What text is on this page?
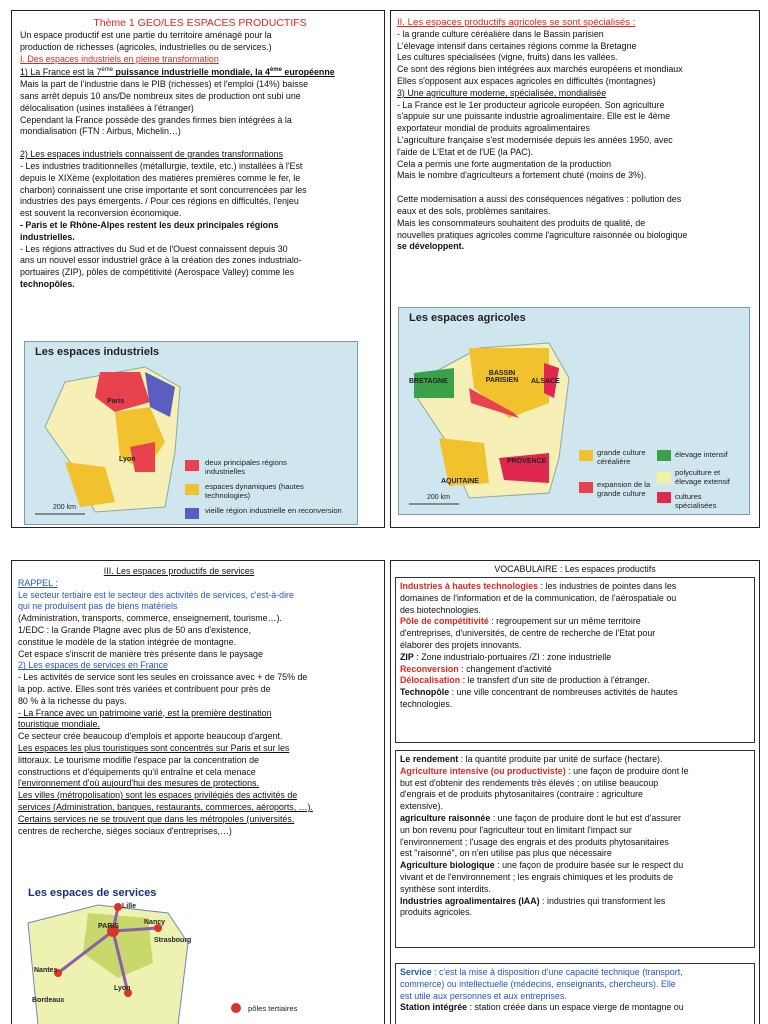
Thème 1 GEO/LES ESPACES PRODUCTIFS
Un espace productif est une partie du territoire aménagé pour la
production de richesses (agricoles, industrielles ou de services.)
I. Des espaces industriels en pleine transformation
1) La France est la 7ème puissance industrielle mondiale, la 4ème européenne
Mais la part de l'industrie dans le PIB (richesses) et l'emploi (14%) baisse
sans arrêt depuis 10 ans/De nombreux sites de production ont subi une
délocalisation (usines installées à l'étranger)
Cependant la France possède des grandes firmes bien intégrées à la
mondialisation (FTN : Airbus, Michelin…)
2) Les espaces industriels connaissent de grandes transformations
- Les industries traditionnelles (métallurgie, textile, etc.) installées à l'Est
depuis le XIXème (exploitation des matières premières comme le fer, le
charbon) connaissent une crise importante et sont concurrencées par les
industries des pays émergents. / Pour ces régions en difficultés, l'enjeu
est souvent la reconversion économique.
- Paris et le Rhône-Alpes restent les deux principales régions
industrielles.
- Les régions attractives du Sud et de l'Ouest connaissent depuis 30
ans un nouvel essor industriel grâce à la création des zones industrialo-
portuaires (ZIP), pôles de compétitivité (Aerospace Valley) comme les
technopôles.
Les espaces industriels
Paris
Lyon	deux principales régions industrielles
espaces dynamiques (hautes technologies)
vieille région industrielle en reconversion
200 km
II. Les espaces productifs agricoles se sont spécialisés :
- la grande culture céréalière dans le Bassin parisien
L'élevage intensif dans certaines régions comme la Bretagne
Les cultures spécialisées (vigne, fruits) dans les vallées.
Ce sont des régions bien intégrées aux marchés européens et mondiaux
Elles s'opposent aux espaces agricoles en difficultés (montagnes)
3) Une agriculture moderne, spécialisée, mondialisée
- La France est le 1er producteur agricole européen. Son agriculture
s'appuie sur une puissante industrie agroalimentaire. Elle est le 4ème
exportateur mondial de produits agroalimentaires
L'agriculture française s'est modernisée depuis les années 1950, avec
l'aide de L'Etat et de l'UE (la PAC).
Cela a permis une forte augmentation de la production
Mais le nombre d'agriculteurs a fortement chuté (moins de 3%).
Cette modernisation a aussi des conséquences négatives : pollution des
eaux et des sols, problèmes sanitaires.
Mais les consommateurs souhaitent des produits de qualité, de
nouvelles pratiques agricoles comme l'agriculture raisonnée ou biologique
se développent.
Les espaces agricoles
BRETAGNE
BASSIN PARISIEN	ALSACE
AQUITAINE
PROVENCE
grande culture céréalière
élevage intensif
expansion de la grande culture
polyculture et élevage extensif
cultures spécialisées
200 km
III. Les espaces productifs de services
RAPPEL :
Le secteur tertiaire est le secteur des activités de services, c'est-à-dire
qui ne produisent pas de biens matériels
(Administration, transports, commerce, enseignement, tourisme…).
1/EDC : la Grande Plagne avec plus de 50 ans d'existence,
constitue le modèle de la station intégrée de montagne.
Cet espace s'inscrit de manière très présente dans le paysage
2) Les espaces de services en France
- Les activités de service sont les seules en croissance avec + de 75% de
la pop. active. Elles sont très variées et contribuent pour près de
80 % à la richesse du pays.
- La France avec un patrimoine varié, est la première destination
touristique mondiale.
Ce secteur crée beaucoup d'emplois et apporte beaucoup d'argent.
Les espaces les plus touristiques sont concentrés sur Paris et sur les
littoraux. Le tourisme modifie l'espace par la concentration de
constructions et d'équipements qu'il entraîne et cela menace
l'environnement d'où aujourd'hui des mesures de protections.
Les villes (métropolisation) sont les espaces privilégiés des activités de
services (Administration, banques, restaurants, commerces, aéroports, …).
Certains services ne se trouvent que dans les métropoles (universités,
centres de recherche, sièges sociaux d'entreprises,…)
Les espaces de services
Lille
Nancy
PARIS
Strasbourg
Nantes
Lyon
Bordeaux
pôles tertiaires
VOCABULAIRE : Les espaces productifs
Industries à hautes technologies : les industries de pointes dans les
domaines de l'information et de la communication, de l'aérospatiale ou
des biotechnologies.
Pôle de compétitivité : regroupement sur un même territoire
d'entreprises, d'universités, de centre de recherche de l'Etat pour
élaborer des projets innovants.
ZIP : Zone industrialo-portuaires /ZI : zone industrielle
Reconversion : changement d'activité
Délocalisation : le transfert d'un site de production à l'étranger.
Technopôle : une ville concentrant de nombreuses activités de hautes
technologies.
Le rendement : la quantité produite par unité de surface (hectare).
Agriculture intensive (ou productiviste) : une façon de produire dont le
but est d'obtenir des rendements très élevés ; on utilise beaucoup
d'engrais et de produits phytosanitaires (contraire : agriculture
extensive).
agriculture raisonnée : une façon de produire dont le but est d'assurer
un bon revenu pour l'agriculteur tout en limitant l'impact sur
l'environnement ; l'usage des engrais et des produits phytosanitaires
est "raisonné", on n'en utilise pas plus que nécessaire
Agriculture biologique : une façon de produire basée sur le respect du
vivant et de l'environnement ; les engrais chimiques et les produits de
synthèse sont interdits.
Industries agroalimentaires (IAA) : industries qui transforment les
produits agricoles.
Service : c'est la mise à disposition d'une capacité technique (transport,
commerce) ou intellectuelle (médecins, enseignants, chercheurs). Elle
est utile aux personnes et aux entreprises.
Station intégrée : station créée dans un espace vierge de montagne ou
